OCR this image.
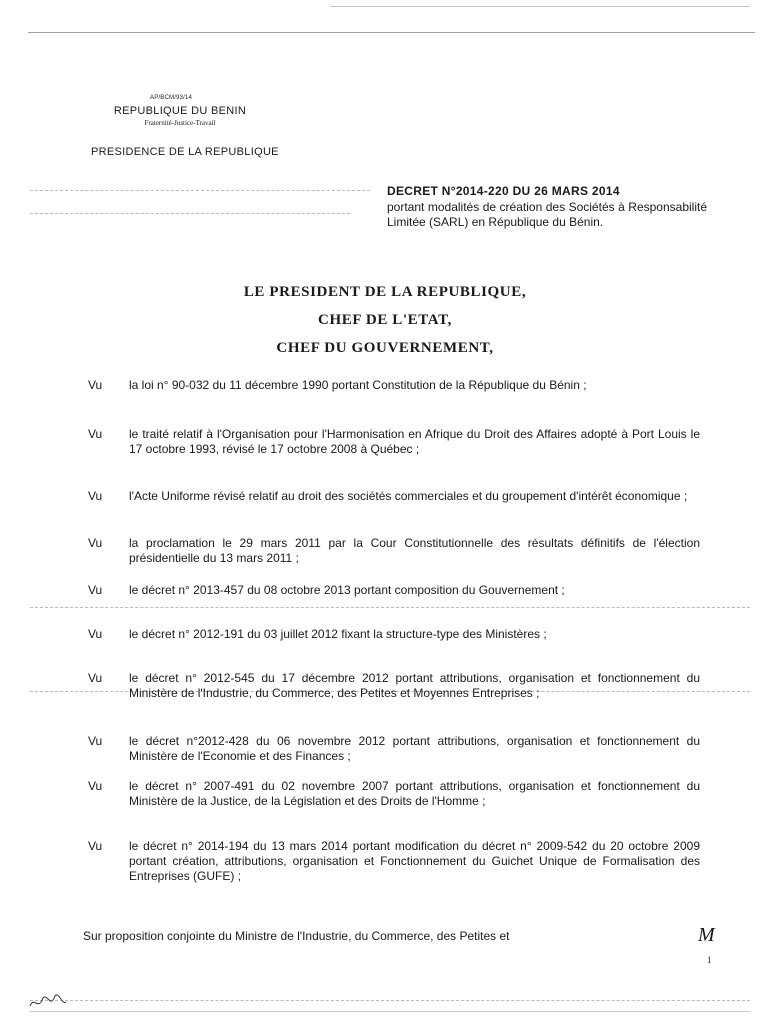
AP/BCM/93/14
REPUBLIQUE DU BENIN
Fraternité-Justice-Travail
PRESIDENCE DE LA REPUBLIQUE
DECRET N°2014-220 DU 26 MARS 2014
portant modalités de création des Sociétés à Responsabilité Limitée (SARL) en République du Bénin.
LE PRESIDENT DE LA REPUBLIQUE,
CHEF DE L'ETAT,
CHEF DU GOUVERNEMENT,
Vu la loi n° 90-032 du 11 décembre 1990 portant Constitution de la République du Bénin ;
Vu le traité relatif à l'Organisation pour l'Harmonisation en Afrique du Droit des Affaires adopté à Port Louis le 17 octobre 1993, révisé le 17 octobre 2008 à Québec ;
Vu l'Acte Uniforme révisé relatif au droit des sociétés commerciales et du groupement d'intérêt économique ;
Vu la proclamation le 29 mars 2011 par la Cour Constitutionnelle des résultats définitifs de l'élection présidentielle du 13 mars 2011 ;
Vu le décret n° 2013-457 du 08 octobre 2013 portant composition du Gouvernement ;
Vu le décret n° 2012-191 du 03 juillet 2012 fixant la structure-type des Ministères ;
Vu le décret n° 2012-545 du 17 décembre 2012 portant attributions, organisation et fonctionnement du Ministère de l'Industrie, du Commerce, des Petites et Moyennes Entreprises ;
Vu le décret n°2012-428 du 06 novembre 2012 portant attributions, organisation et fonctionnement du Ministère de l'Economie et des Finances ;
Vu le décret n° 2007-491 du 02 novembre 2007 portant attributions, organisation et fonctionnement du Ministère de la Justice, de la Législation et des Droits de l'Homme ;
Vu le décret n° 2014-194 du 13 mars 2014 portant modification du décret n° 2009-542 du 20 octobre 2009 portant création, attributions, organisation et Fonctionnement du Guichet Unique de Formalisation des Entreprises (GUFE) ;
Sur proposition conjointe du Ministre de l'Industrie, du Commerce, des Petites et	M
1
